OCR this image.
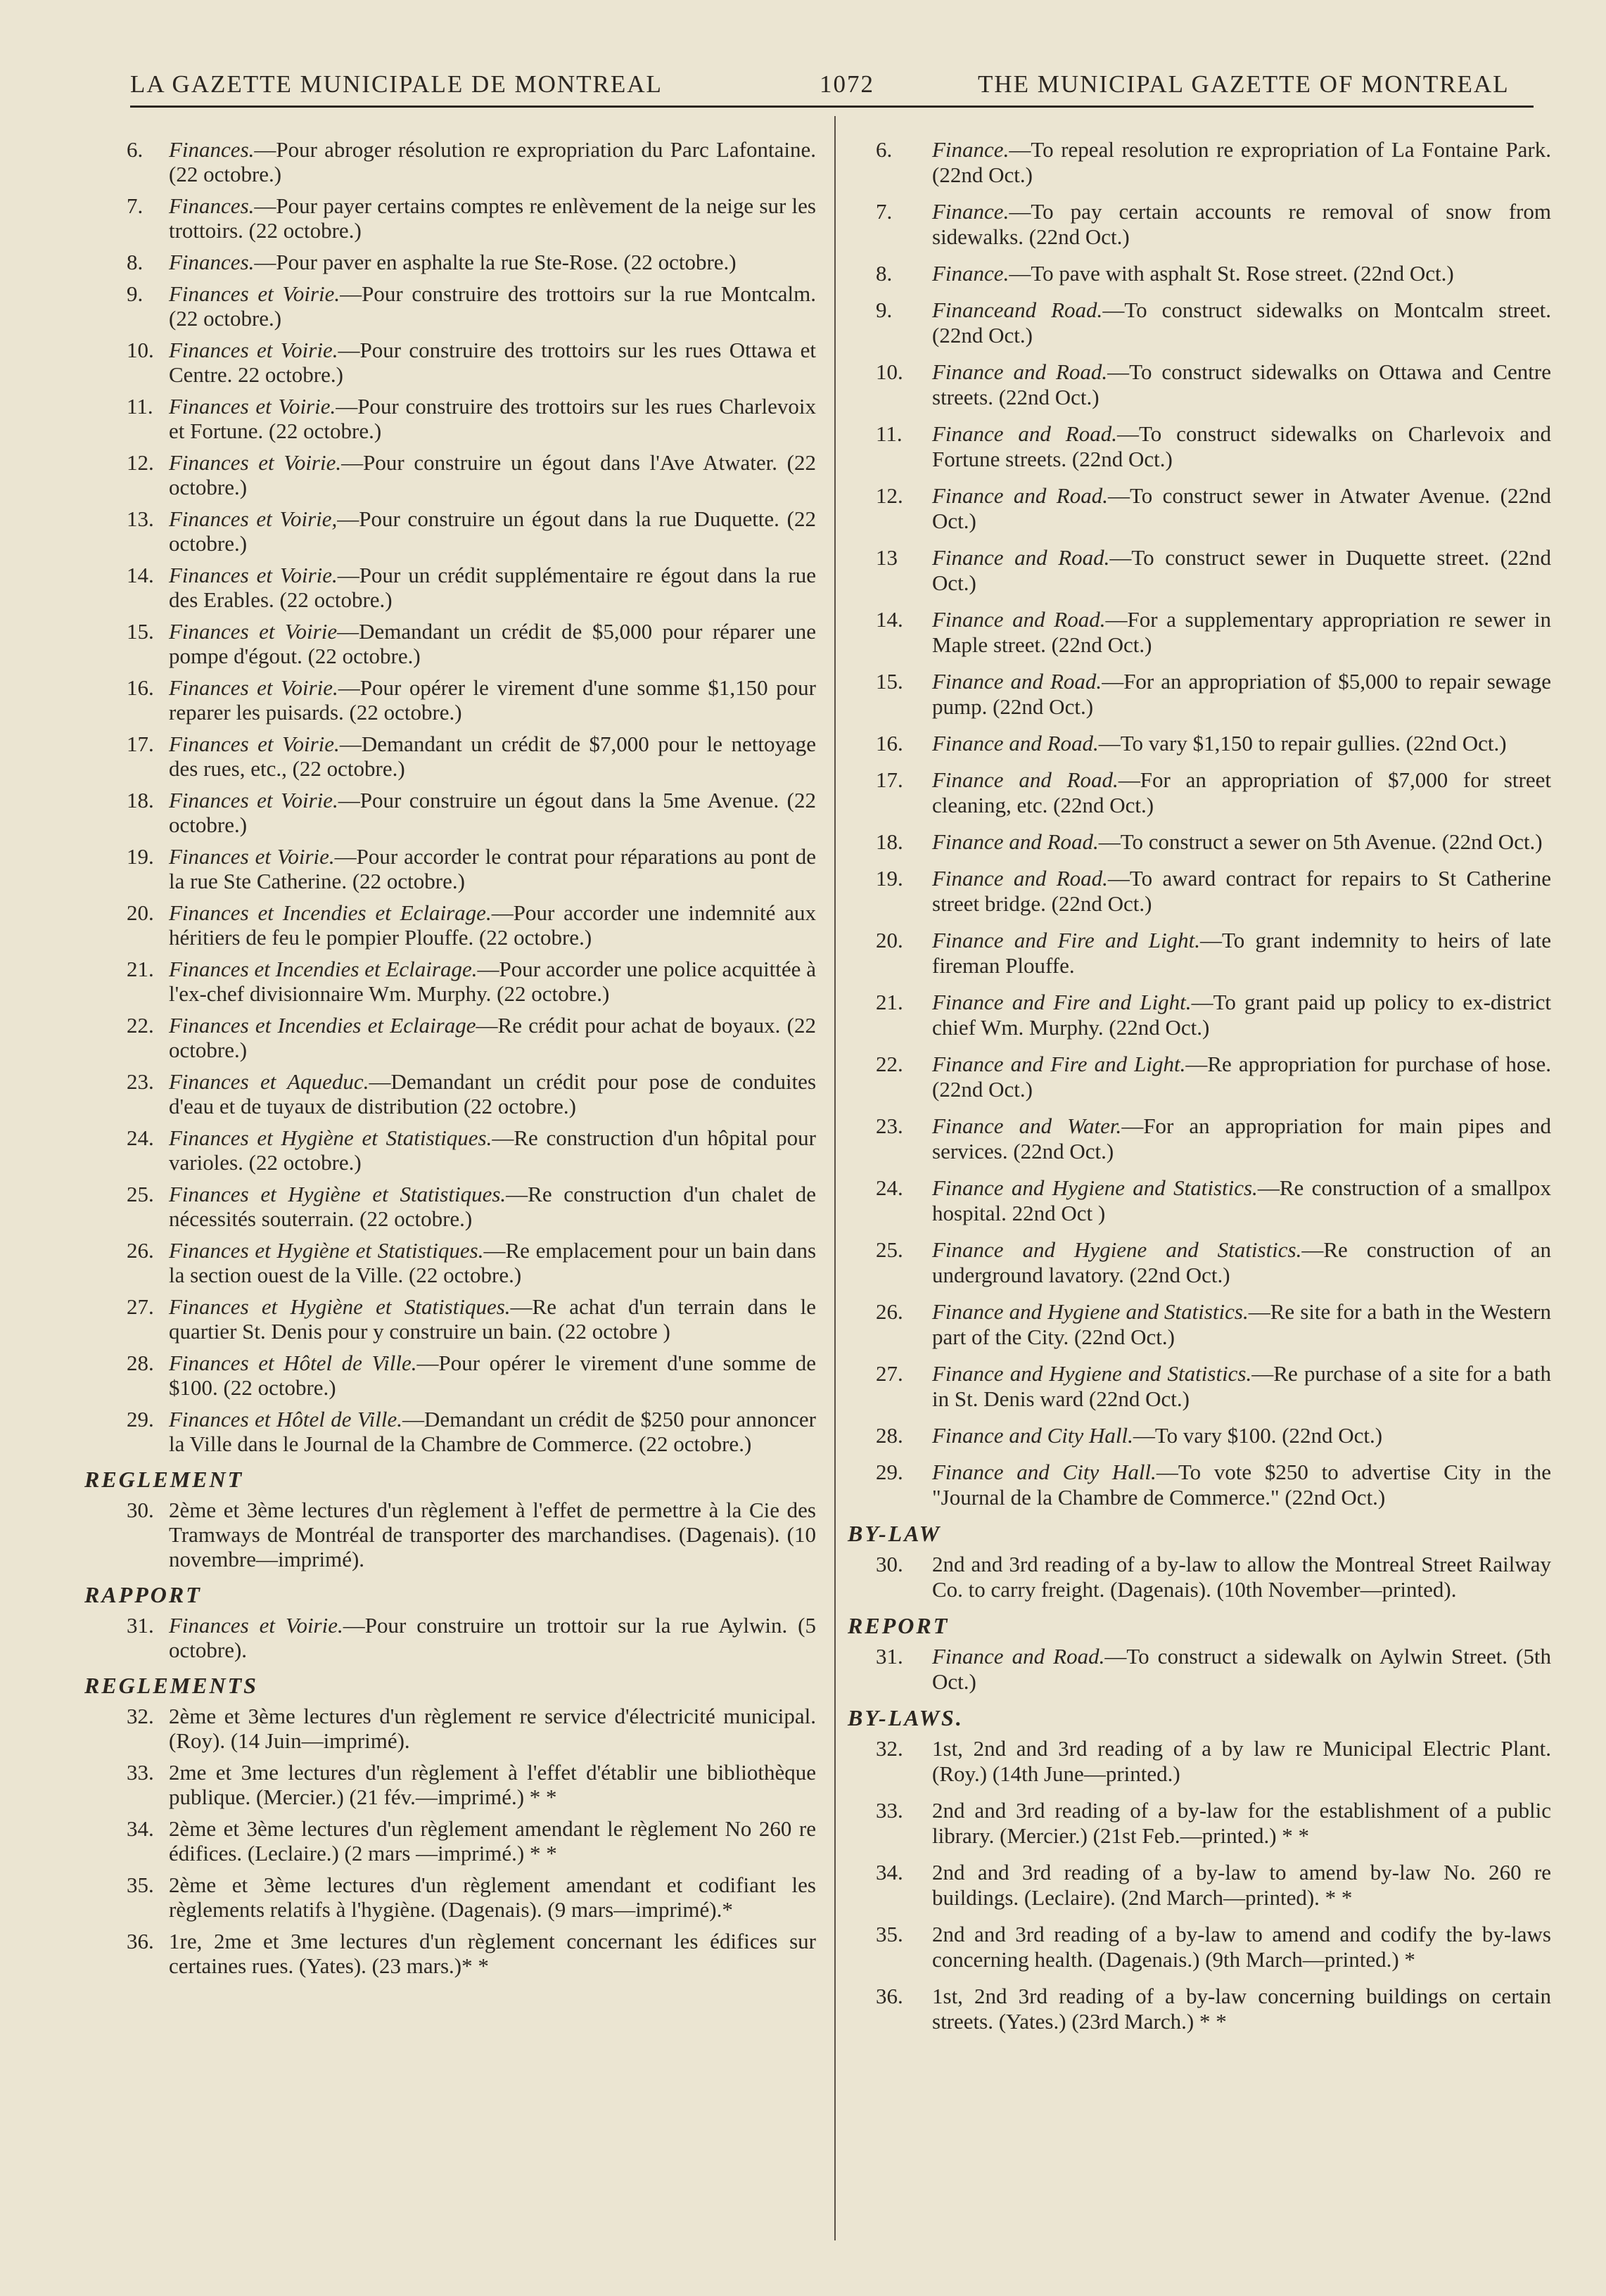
LA GAZETTE MUNICIPALE DE MONTREAL	1072	THE MUNICIPAL GAZETTE OF MONTREAL
6.	Finances.—Pour abroger résolution re expropriation du Parc Lafontaine. (22 octobre.)
7.	Finances.—Pour payer certains comptes re enlèvement de la neige sur les trottoirs. (22 octobre.)
8.	Finances.—Pour paver en asphalte la rue Ste-Rose. (22 octobre.)
9.	Finances et Voirie.—Pour construire des trottoirs sur la rue Montcalm. (22 octobre.)
10. Finances et Voirie.—Pour construire des trottoirs sur les rues Ottawa et Centre. 22 octobre.)
11. Finances et Voirie.—Pour construire des trottoirs sur les rues Charlevoix et Fortune. (22 octobre.)
12. Finances et Voirie.—Pour construire un égout dans l'Ave Atwater. (22 octobre.)
13. Finances et Voirie,—Pour construire un égout dans la rue Duquette. (22 octobre.)
14. Finances et Voirie.—Pour un crédit supplémentaire re égout dans la rue des Erables. (22 octobre.)
15. Finances et Voirie—Demandant un crédit de $5,000 pour réparer une pompe d'égout. (22 octobre.)
16. Finances et Voirie.—Pour opérer le virement d'une somme $1,150 pour reparer les puisards. (22 octobre.)
17. Finances et Voirie.—Demandant un crédit de $7,000 pour le nettoyage des rues, etc., (22 octobre.)
18. Finances et Voirie.—Pour construire un égout dans la 5me Avenue. (22 octobre.)
19. Finances et Voirie.—Pour accorder le contrat pour réparations au pont de la rue Ste Catherine. (22 octobre.)
20. Finances et Incendies et Eclairage.—Pour accorder une indemnité aux héritiers de feu le pompier Plouffe. (22 octobre.)
21. Finances et Incendies et Eclairage.—Pour accorder une police acquittée à l'ex-chef divisionnaire Wm. Murphy. (22 octobre.)
22. Finances et Incendies et Eclairage—Re crédit pour achat de boyaux. (22 octobre.)
23. Finances et Aqueduc.—Demandant un crédit pour pose de conduites d'eau et de tuyaux de distribution (22 octobre.)
24. Finances et Hygiène et Statistiques.—Re construction d'un hôpital pour varioles. (22 octobre.)
25. Finances et Hygiène et Statistiques.—Re construction d'un chalet de nécessités souterrain. (22 octobre.)
26. Finances et Hygiène et Statistiques.—Re emplacement pour un bain dans la section ouest de la Ville. (22 octobre.)
27. Finances et Hygiène et Statistiques.—Re achat d'un terrain dans le quartier St. Denis pour y construire un bain. (22 octobre )
28. Finances et Hôtel de Ville.—Pour opérer le virement d'une somme de $100. (22 octobre.)
29. Finances et Hôtel de Ville.—Demandant un crédit de $250 pour annoncer la Ville dans le Journal de la Chambre de Commerce. (22 octobre.)
REGLEMENT
30. 2ème et 3ème lectures d'un règlement à l'effet de permettre à la Cie des Tramways de Montréal de transporter des marchandises. (Dagenais). (10 novembre—imprimé).
RAPPORT
31. Finances et Voirie.—Pour construire un trottoir sur la rue Aylwin. (5 octobre).
REGLEMENTS
32. 2ème et 3ème lectures d'un règlement re service d'électricité municipal. (Roy). (14 Juin—imprimé).
33. 2me et 3me lectures d'un règlement à l'effet d'établir une bibliothèque publique. (Mercier.) (21 fév.—imprimé.) * *
34. 2ème et 3ème lectures d'un règlement amendant le règlement No 260 re édifices. (Leclaire.) (2 mars —imprimé.) * *
35. 2ème et 3ème lectures d'un règlement amendant et codifiant les règlements relatifs à l'hygiène. (Dagenais). (9 mars—imprimé).*
36. 1re, 2me et 3me lectures d'un règlement concernant les édifices sur certaines rues. (Yates). (23 mars.)* *
6.	Finance.—To repeal resolution re expropriation of La Fontaine Park. (22nd Oct.)
7.	Finance.—To pay certain accounts re removal of snow from sidewalks. (22nd Oct.)
8.	Finance.—To pave with asphalt St. Rose street. (22nd Oct.)
9.	Financeand Road.—To construct sidewalks on Montcalm street. (22nd Oct.)
10.	Finance and Road.—To construct sidewalks on Ottawa and Centre streets. (22nd Oct.)
11.	Finance and Road.—To construct sidewalks on Charlevoix and Fortune streets. (22nd Oct.)
12.	Finance and Road.—To construct sewer in Atwater Avenue. (22nd Oct.)
13	Finance and Road.—To construct sewer in Duquette street. (22nd Oct.)
14.	Finance and Road.—For a supplementary appropriation re sewer in Maple street. (22nd Oct.)
15.	Finance and Road.—For an appropriation of $5,000 to repair sewage pump. (22nd Oct.)
16.	Finance and Road.—To vary $1,150 to repair gullies. (22nd Oct.)
17.	Finance and Road.—For an appropriation of $7,000 for street cleaning, etc. (22nd Oct.)
18.	Finance and Road.—To construct a sewer on 5th Avenue. (22nd Oct.)
19.	Finance and Road.—To award contract for repairs to St Catherine street bridge. (22nd Oct.)
20.	Finance and Fire and Light.—To grant indemnity to heirs of late fireman Plouffe.
21.	Finance and Fire and Light.—To grant paid up policy to ex-district chief Wm. Murphy. (22nd Oct.)
22.	Finance and Fire and Light.—Re appropriation for purchase of hose. (22nd Oct.)
23.	Finance and Water.—For an appropriation for main pipes and services. (22nd Oct.)
24.	Finance and Hygiene and Statistics.—Re construction of a smallpox hospital. 22nd Oct )
25.	Finance and Hygiene and Statistics.—Re construction of an underground lavatory. (22nd Oct.)
26.	Finance and Hygiene and Statistics.—Re site for a bath in the Western part of the City. (22nd Oct.)
27.	Finance and Hygiene and Statistics.—Re purchase of a site for a bath in St. Denis ward (22nd Oct.)
28.	Finance and City Hall.—To vary $100. (22nd Oct.)
29.	Finance and City Hall.—To vote $250 to advertise City in the "Journal de la Chambre de Commerce." (22nd Oct.)
BY-LAW
30.	2nd and 3rd reading of a by-law to allow the Montreal Street Railway Co. to carry freight. (Dagenais). (10th November—printed).
REPORT
31.	Finance and Road.—To construct a sidewalk on Aylwin Street. (5th Oct.)
BY-LAWS.
32.	1st, 2nd and 3rd reading of a by law re Municipal Electric Plant. (Roy.) (14th June—printed.)
33.	2nd and 3rd reading of a by-law for the establishment of a public library. (Mercier.) (21st Feb.—printed.) * *
34.	2nd and 3rd reading of a by-law to amend by-law No. 260 re buildings. (Leclaire). (2nd March—printed). * *
35.	2nd and 3rd reading of a by-law to amend and codify the by-laws concerning health. (Dagenais.) (9th March—printed.) *
36.	1st, 2nd 3rd reading of a by-law concerning buildings on certain streets. (Yates.) (23rd March.) * *
